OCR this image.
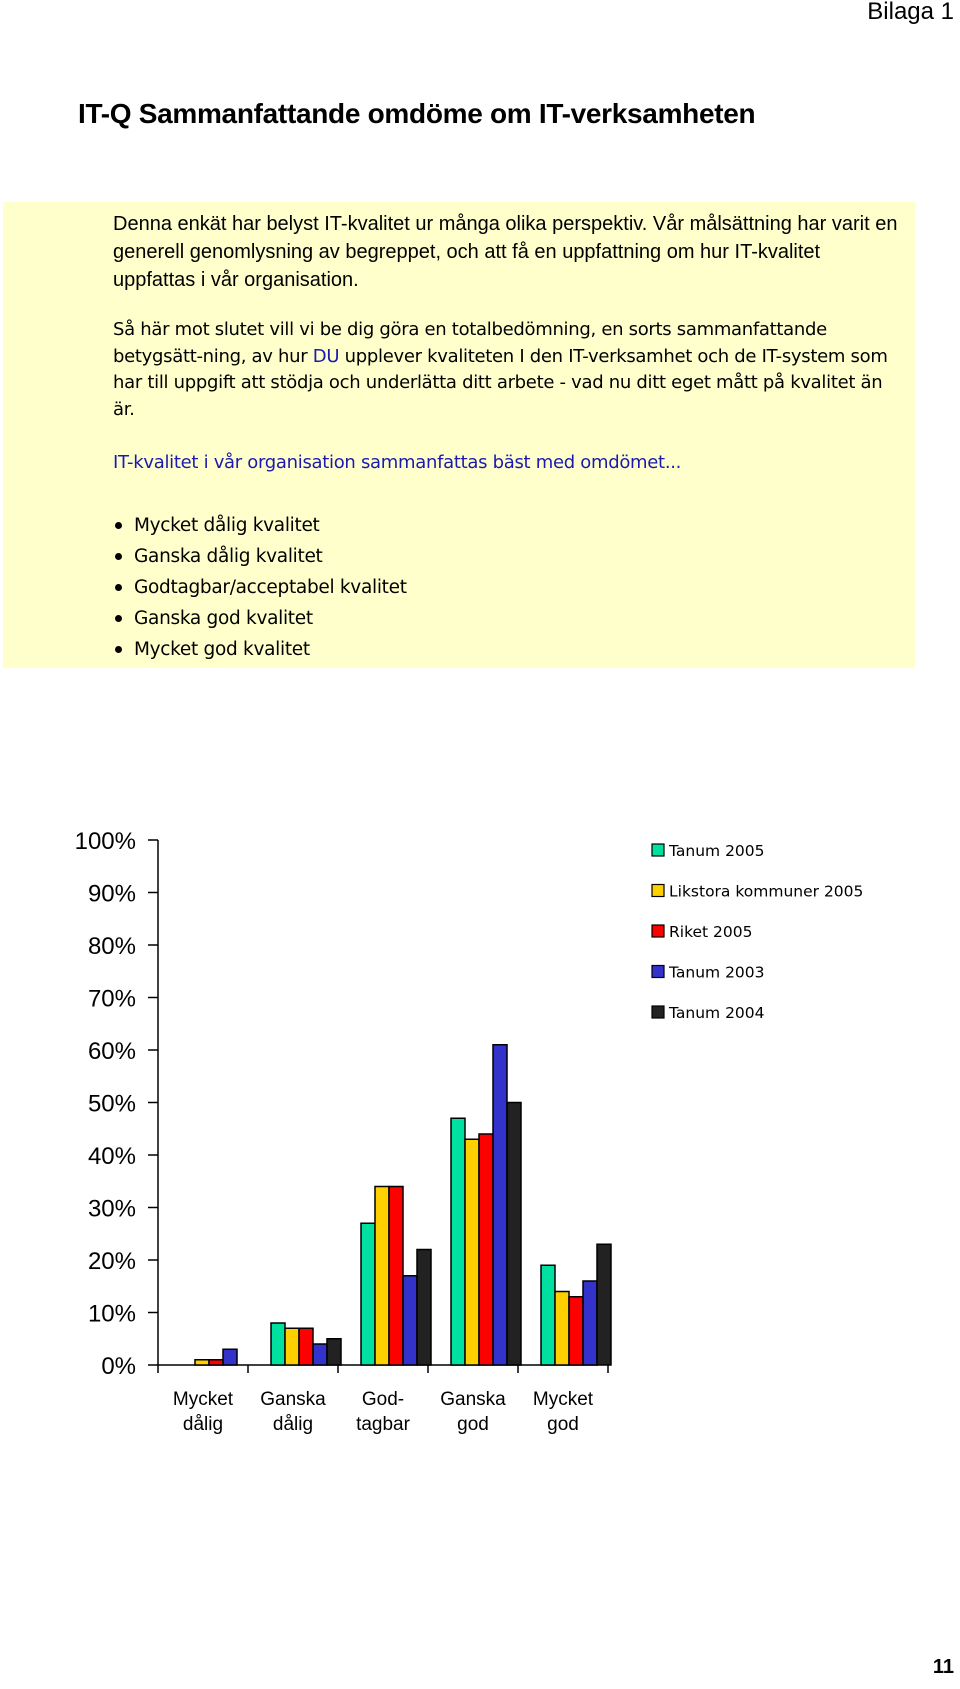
Bilaga 1
IT-Q Sammanfattande omdöme om IT-verksamheten

Denna enkät har belyst IT-kvalitet ur många olika perspektiv. Vår målsättning har varit en generell genomlysning av begreppet, och att få en uppfattning om hur IT-kvalitet uppfattas i vår organisation.

Så här mot slutet vill vi be dig göra en totalbedömning, en sorts sammanfattande betygsätt-ning, av hur DU upplever kvaliteten I den IT-verksamhet och de IT-system som har till uppgift att stödja och underlätta ditt arbete - vad nu ditt eget mått på kvalitet än är.

IT-kvalitet i vår organisation sammanfattas bäst med omdömet...

Mycket dålig kvalitet
Ganska dålig kvalitet
Godtagbar/acceptabel kvalitet
Ganska god kvalitet
Mycket god kvalitet
0%
10%
20%
30%
40%
50%
60%
70%
80%
90%
100%
Mycket
dålig
Ganska
dålig
God-
tagbar
Ganska
god
Mycket
god
Tanum 2005
Likstora kommuner 2005
Riket 2005
Tanum 2003
Tanum 2004
11
